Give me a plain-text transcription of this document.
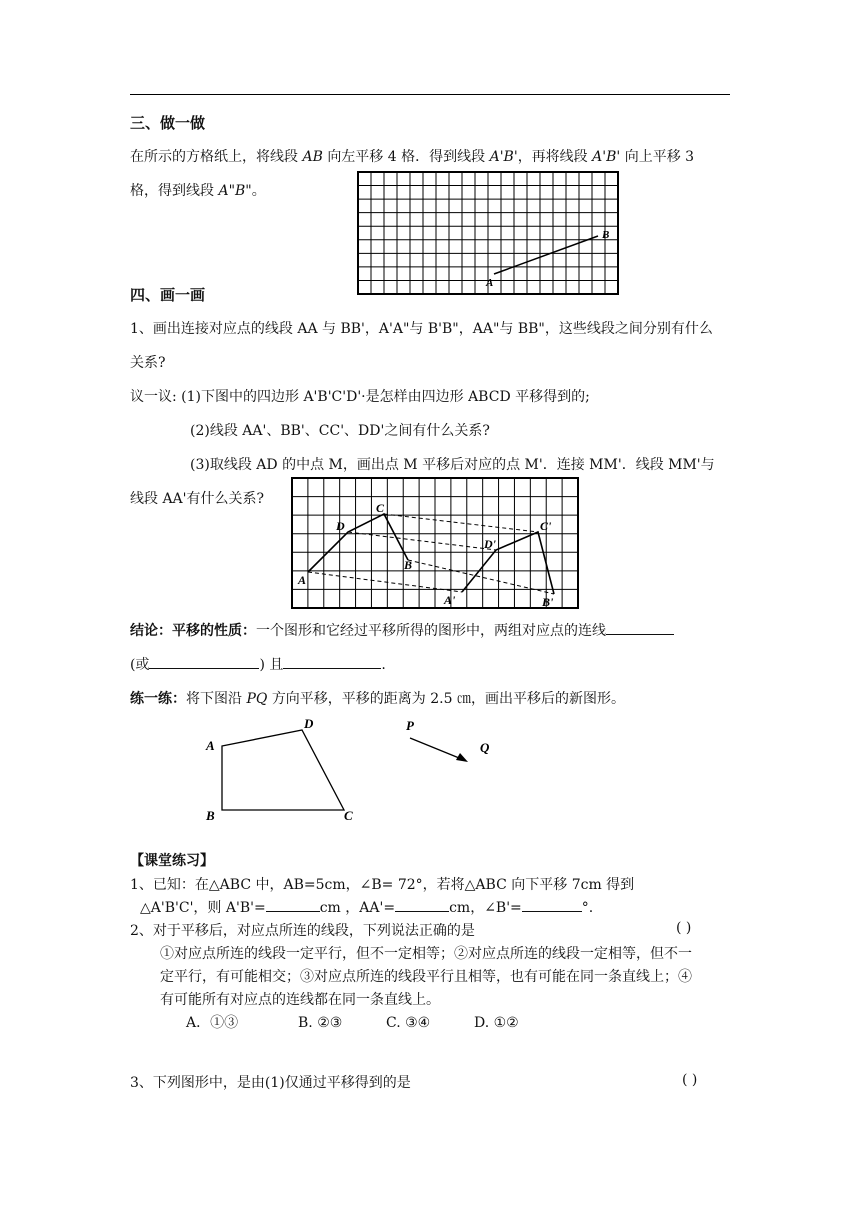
三、做一做
在所示的方格纸上，将线段 AB 向左平移 4 格．得到线段 A'B'，再将线段 A'B' 向上平移 3
格，得到线段 A"B"。
A
B
四、画一画
1、画出连接对应点的线段 AA 与 BB'，A'A"与 B'B"，AA"与 BB"，这些线段之间分别有什么
关系?
议一议: (1)下图中的四边形 A'B'C'D'·是怎样由四边形 ABCD 平移得到的;
(2)线段 AA'、BB'、CC'、DD'之间有什么关系?
(3)取线段 AD 的中点 M，画出点 M 平移后对应的点 M'．连接 MM'．线段 MM'与
线段 AA'有什么关系?
A
B
C
D
A'	B'
C'
D'
结论：平移的性质：一个图形和它经过平移所得的图形中，两组对应点的连线
(或	) 且	.
练一练：将下图沿 PQ 方向平移，平移的距离为 2.5 ㎝，画出平移后的新图形。
A
B	C
D	P
Q
【课堂练习】
1、已知：在△ABC 中，AB=5cm，∠B= 72°，若将△ABC 向下平移 7cm 得到
△A'B'C'，则 A'B'=	cm ，AA'=	cm，∠B'=	°.
2、对于平移后，对应点所连的线段，下列说法正确的是	( )
①对应点所连的线段一定平行，但不一定相等；②对应点所连的线段一定相等，但不一
定平行，有可能相交；③对应点所连的线段平行且相等，也有可能在同一条直线上；④
有可能所有对应点的连线都在同一条直线上。
A．①③	B. ②③	C. ③④	D. ①②
3、下列图形中，是由(1)仅通过平移得到的是	( )
